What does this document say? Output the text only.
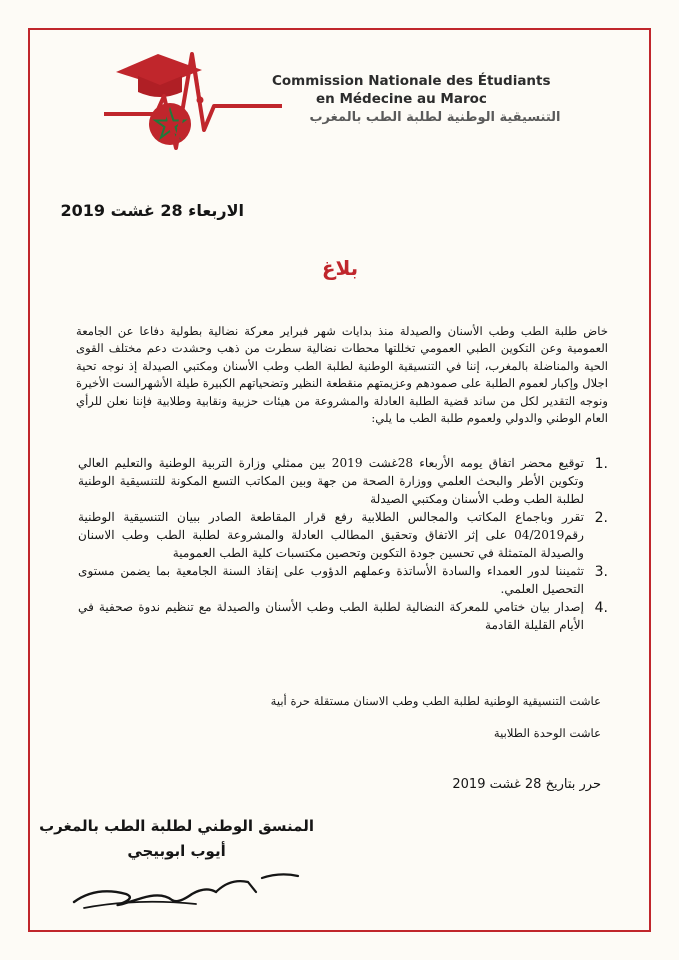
Commission Nationale des Étudiants
en Médecine au Maroc
التنسيقية الوطنية لطلبة الطب بالمغرب
الاربعاء 28 غشت 2019
بلاغ
خاض طلبة الطب وطب الأسنان والصيدلة منذ بدايات شهر فبراير معركة نضالية بطولية دفاعا عن الجامعة العمومية وعن التكوين الطبي العمومي تخللتها محطات نضالية سطرت من ذهب وحشدت دعم مختلف القوى الحية والمناضلة بالمغرب، إننا في التنسيقية الوطنية لطلبة الطب وطب الأسنان ومكتبي الصيدلة إذ نوجه تحية اجلال وإكبار لعموم الطلبة على صمودهم وعزيمتهم منقطعة النظير وتضحياتهم الكبيرة طيلة الأشهرالست الأخيرة ونوجه التقدير لكل من ساند قضية الطلبة العادلة والمشروعة من هيئات حزبية ونقابية وطلابية فإننا نعلن للرأي العام الوطني والدولي ولعموم طلبة الطب ما يلي:
1.
توقيع محضر اتفاق يومه الأربعاء 28غشت 2019 بين ممثلي وزارة التربية الوطنية والتعليم العالي وتكوين الأطر والبحث العلمي ووزارة الصحة من جهة وبين المكاتب التسع المكونة للتنسيقية الوطنية لطلبة الطب وطب الأسنان ومكتبي الصيدلة
2.
تقرر وباجماع المكاتب والمجالس الطلابية رفع قرار المقاطعة الصادر ببيان التنسيقية الوطنية رقم04/2019 على إثر الاتفاق وتحقيق المطالب العادلة والمشروعة لطلبة الطب وطب الاسنان والصيدلة المتمثلة في تحسين جودة التكوين وتحصين مكتسبات كلية الطب العمومية
3.
تثميننا لدور العمداء والسادة الأساتذة وعملهم الدؤوب على إنقاذ السنة الجامعية بما يضمن مستوى التحصيل العلمي.
4.
إصدار بيان ختامي للمعركة النضالية لطلبة الطب وطب الأسنان والصيدلة مع تنظيم ندوة صحفية في الأيام القليلة القادمة
عاشت التنسيقية الوطنية لطلبة الطب وطب الاسنان مستقلة حرة أبية
عاشت الوحدة الطلابية
حرر بتاريخ 28 غشت 2019
المنسق الوطني لطلبة الطب بالمغرب
أيوب ابوبيجي
